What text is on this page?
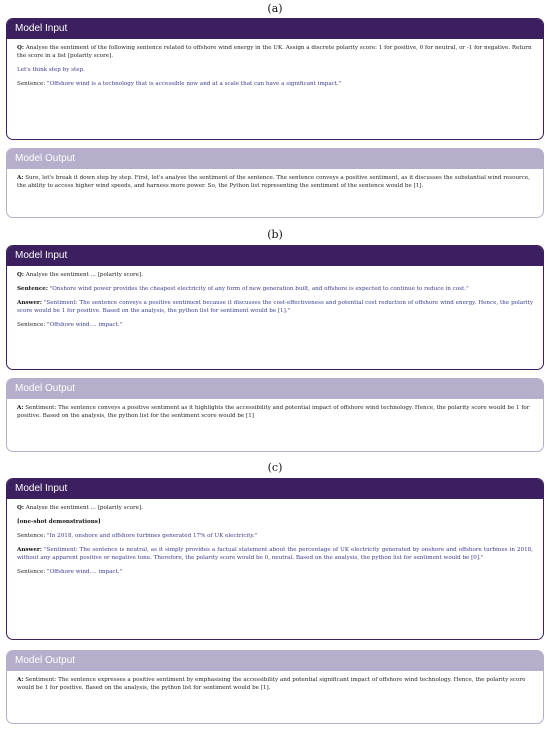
(a)
Model Input

Q: Analyse the sentiment of the following sentence related to offshore wind energy in the UK. Assign a discrete polarity score: 1 for positive, 0 for neutral, or -1 for negative. Return the score in a list [polarity score].

Let's think step by step.

Sentence: "Offshore wind is a technology that is accessible now and at a scale that can have a significant impact."

Model Output

A: Sure, let's break it down step by step. First, let's analyse the sentiment of the sentence. The sentence conveys a positive sentiment, as it discusses the substantial wind resource, the ability to access higher wind speeds, and harness more power. So, the Python list representing the sentiment of the sentence would be [1].

(b)
Model Input

Q: Analyse the sentiment ... [polarity score].

Sentence: "Onshore wind power provides the cheapest electricity of any form of new generation built, and offshore is expected to continue to reduce in cost."

Answer: "Sentiment: The sentence conveys a positive sentiment because it discusses the cost-effectiveness and potential cost reduction of offshore wind energy. Hence, the polarity score would be 1 for positive. Based on the analysis, the python list for sentiment would be [1]."

Sentence: "Offshore wind.... impact."

Model Output

A: Sentiment: The sentence conveys a positive sentiment as it highlights the accessibility and potential impact of offshore wind technology. Hence, the polarity score would be 1 for positive. Based on the analysis, the python list for the sentiment score would be [1]

(c)
Model Input

Q: Analyse the sentiment ... [polarity score].

[one-shot demonstrations]

Sentence: "In 2018, onshore and offshore turbines generated 17% of UK electricity."

Answer: "Sentiment: The sentence is neutral, as it simply provides a factual statement about the percentage of UK electricity generated by onshore and offshore turbines in 2018, without any apparent positive or negative tone. Therefore, the polarity score would be 0, neutral. Based on the analysis, the python list for sentiment would be [0]."

Sentence: "Offshore wind.... impact."

Model Output

A: Sentiment: The sentence expresses a positive sentiment by emphasising the accessibility and potential significant impact of offshore wind technology. Hence, the polarity score would be 1 for positive. Based on the analysis, the python list for sentiment would be [1].
